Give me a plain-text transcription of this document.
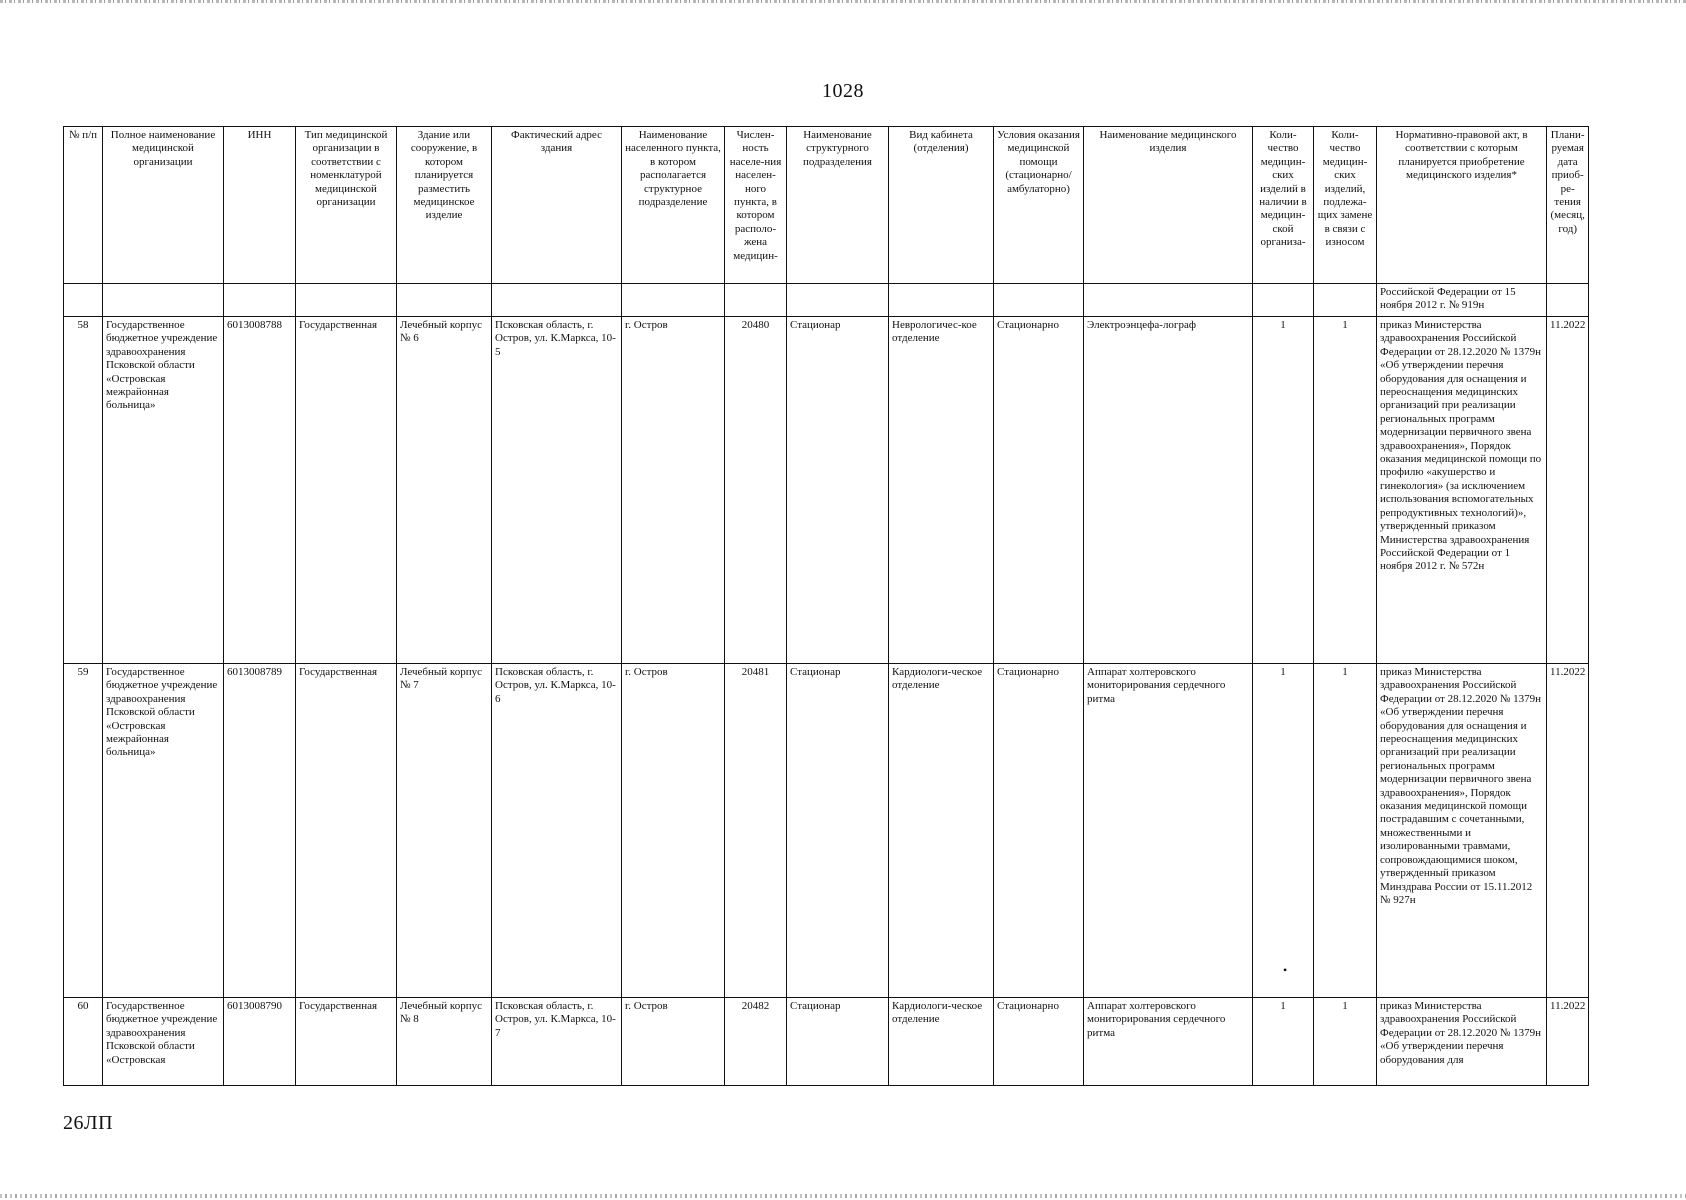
1028
№ п/п	Полное наименование медицинской организации	ИНН	Тип медицинской организации в соответствии с номенклатурой медицинской организации	Здание или сооружение, в котором планируется разместить медицинское изделие	Фактический адрес здания	Наименование населенного пункта, в котором располагается структурное подразделение	Числен-ность населе-ния населен-ного пункта, в котором располо-жена медицин-	Наименование структурного подразделения	Вид кабинета (отделения)	Условия оказания медицинской помощи (стационарно/ амбулаторно)	Наименование медицинского изделия	Коли-чество медицин-ских изделий в наличии в медицин-ской организа-	Коли-чество медицин-ских изделий, подлежа-щих замене в связи с износом	Нормативно-правовой акт, в соответствии с которым планируется приобретение медицинского изделия*	Плани-руемая дата приоб-ре-тения (месяц, год)
														Российской Федерации от 15 ноября 2012 г. № 919н	
58	Государственное бюджетное учреждение здравоохранения Псковской области «Островская межрайонная больница»	6013008788	Государственная	Лечебный корпус № 6	Псковская область, г. Остров, ул. К.Маркса, 10-5	г. Остров	20480	Стационар	Неврологичес-кое отделение	Стационарно	Электроэнцефа-лограф	1	1	приказ Министерства здравоохранения Российской Федерации от 28.12.2020 № 1379н «Об утверждении перечня оборудования для оснащения и переоснащения медицинских организаций при реализации региональных программ модернизации первичного звена здравоохранения», Порядок оказания медицинской помощи по профилю «акушерство и гинекология» (за исключением использования вспомогательных репродуктивных технологий)», утвержденный приказом Министерства здравоохранения Российской Федерации от 1 ноября 2012 г. № 572н	11.2022
59	Государственное бюджетное учреждение здравоохранения Псковской области «Островская межрайонная больница»	6013008789	Государственная	Лечебный корпус № 7	Псковская область, г. Остров, ул. К.Маркса, 10-6	г. Остров	20481	Стационар	Кардиологи-ческое отделение	Стационарно	Аппарат холтеровского мониторирования сердечного ритма	1	1	приказ Министерства здравоохранения Российской Федерации от 28.12.2020 № 1379н «Об утверждении перечня оборудования для оснащения и переоснащения медицинских организаций при реализации региональных программ модернизации первичного звена здравоохранения», Порядок оказания медицинской помощи пострадавшим с сочетанными, множественными и изолированными травмами, сопровождающимися шоком, утвержденный приказом Минздрава России от 15.11.2012 № 927н	11.2022
60	Государственное бюджетное учреждение здравоохранения Псковской области «Островская	6013008790	Государственная	Лечебный корпус № 8	Псковская область, г. Остров, ул. К.Маркса, 10-7	г. Остров	20482	Стационар	Кардиологи-ческое отделение	Стационарно	Аппарат холтеровского мониторирования сердечного ритма	1	1	приказ Министерства здравоохранения Российской Федерации от 28.12.2020 № 1379н «Об утверждении перечня оборудования для	11.2022
•
26ЛП
